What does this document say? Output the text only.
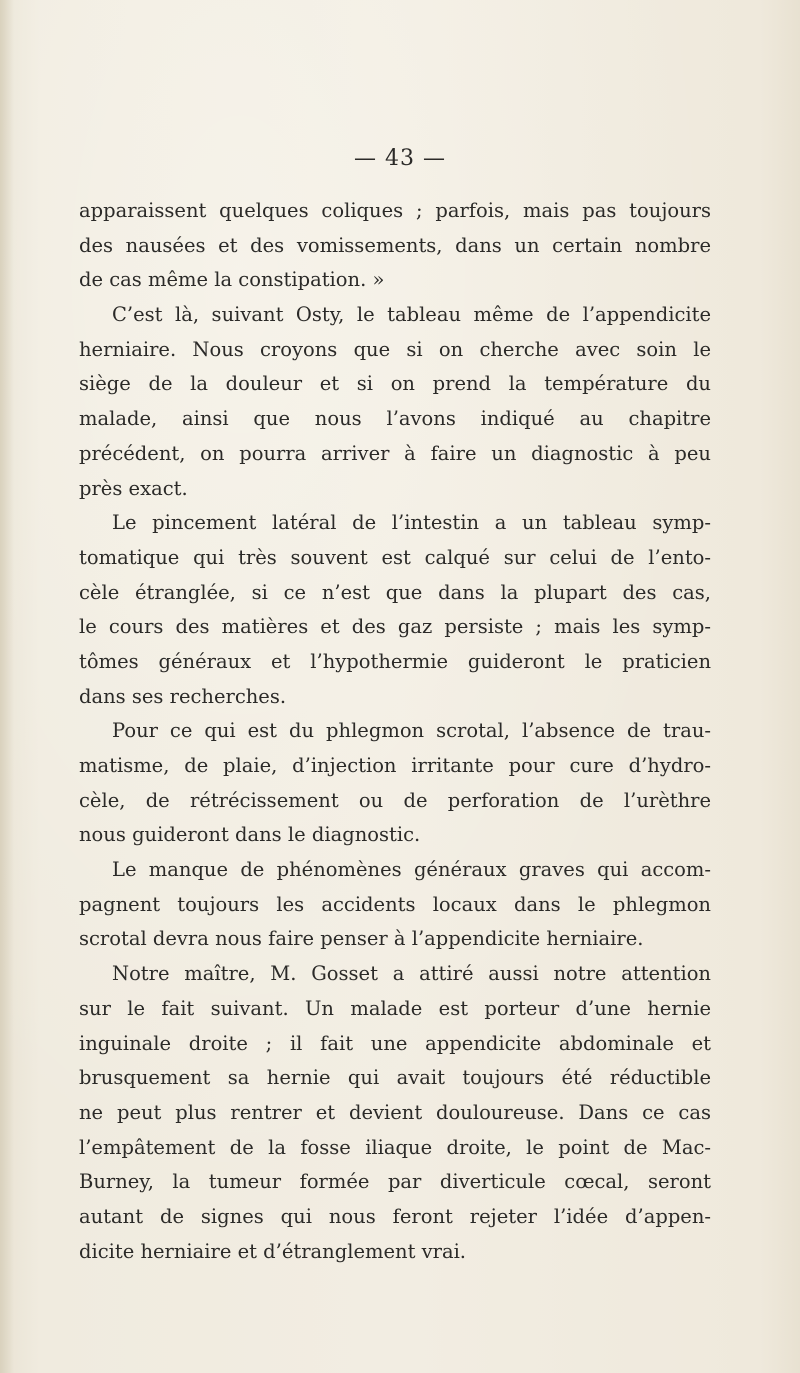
— 43 —
apparaissent quelques coliques ; parfois, mais pas toujours
des nausées et des vomissements, dans un certain nombre
de cas même la constipation. »
C’est là, suivant Osty, le tableau même de l’appendicite
herniaire. Nous croyons que si on cherche avec soin le
siège de la douleur et si on prend la température du
malade, ainsi que nous l’avons indiqué au chapitre
précédent, on pourra arriver à faire un diagnostic à peu
près exact.
Le pincement latéral de l’intestin a un tableau symp-
tomatique qui très souvent est calqué sur celui de l’ento-
cèle étranglée, si ce n’est que dans la plupart des cas,
le cours des matières et des gaz persiste ; mais les symp-
tômes généraux et l’hypothermie guideront le praticien
dans ses recherches.
Pour ce qui est du phlegmon scrotal, l’absence de trau-
matisme, de plaie, d’injection irritante pour cure d’hydro-
cèle, de rétrécissement ou de perforation de l’urèthre
nous guideront dans le diagnostic.
Le manque de phénomènes généraux graves qui accom-
pagnent toujours les accidents locaux dans le phlegmon
scrotal devra nous faire penser à l’appendicite herniaire.
Notre maître, M. Gosset a attiré aussi notre attention
sur le fait suivant. Un malade est porteur d’une hernie
inguinale droite ; il fait une appendicite abdominale et
brusquement sa hernie qui avait toujours été réductible
ne peut plus rentrer et devient douloureuse. Dans ce cas
l’empâtement de la fosse iliaque droite, le point de Mac-
Burney, la tumeur formée par diverticule cœcal, seront
autant de signes qui nous feront rejeter l’idée d’appen-
dicite herniaire et d’étranglement vrai.
